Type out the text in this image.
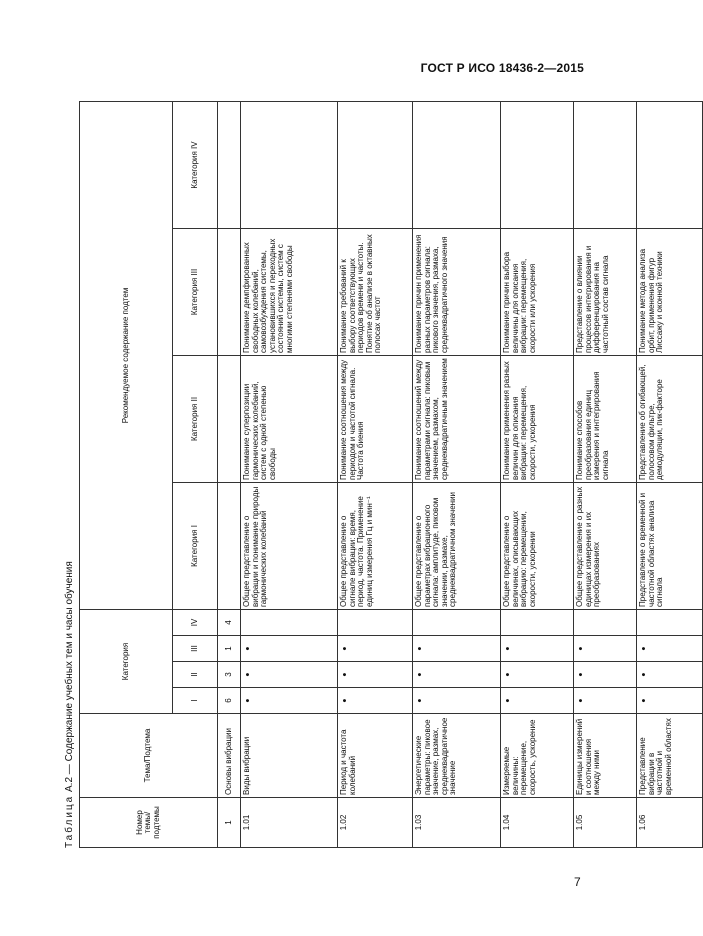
ГОСТ Р ИСО 18436-2—2015
Таблица А.2 — Содержание учебных тем и часы обучения
Номер темы/ подтемы	Тема/Подтема	Категория				Рекомендуемое содержание подтем			
		I	II	III	IV	Категория I	Категория II	Категория III	Категория IV
1	Основы вибрации	6	3	1	4				
1.01	Виды вибрации	•	•	•		Общее представление о вибрации и понимание природы гармонических колебаний	Понимание суперпозиции гармонических колебаний, систем с одной степенью свободы	Понимание демпфированных свободных колебаний, самовозбуждения системы, установившихся и переходных состояний системы, систем с многими степенями свободы	
1.02	Период и частота колебаний	•	•	•		Общее представление о сигнале вибрации: время, период, частота. Применение единиц измерения Гц и мин⁻¹	Понимание соотношения между периодом и частотой сигнала. Частота биения	Понимание требований к выбору соответствующих периодов времени и частоты. Понятие об анализе в октавных полосах частот	
1.03	Энергетические параметры: пиковое значение, размах, среднеквадратичное значение	•	•	•		Общее представление о параметрах вибрационного сигнала: амплитуде, пиковом значении, размахе, среднеквадратичном значении	Понимание соотношений между параметрами сигнала: пиковым значением, размахом, среднеквадратичным значением	Понимание причин применения разных параметров сигнала: пикового значения, размаха, среднеквадратичного значения	
1.04	Измеряемые величины: перемещение, скорость, ускорение	•	•	•		Общее представление о величинах, описывающих вибрацию: перемещении, скорости, ускорении	Понимание применения разных величин для описания вибрации: перемещения, скорости, ускорения	Понимание причин выбора величины для описания вибрации: перемещения, скорости или ускорения	
1.05	Единицы измерений и соотношения между ними	•	•	•		Общее представление о разных единицах измерения и их преобразованиях	Понимание способов преобразования единиц измерения и интегрирования сигнала	Представление о влиянии процессов интегрирования и дифференцирования на частотный состав сигнала	
1.06	Представление вибрации в частотной и временной областях	•	•	•		Представление о временной и частотной областях анализа сигнала	Представление об огибающей, полосовом фильтре, демодуляции, пик-факторе	Понимание метода анализа орбит, применения фигур Лиссажу и оконной техники	
7
